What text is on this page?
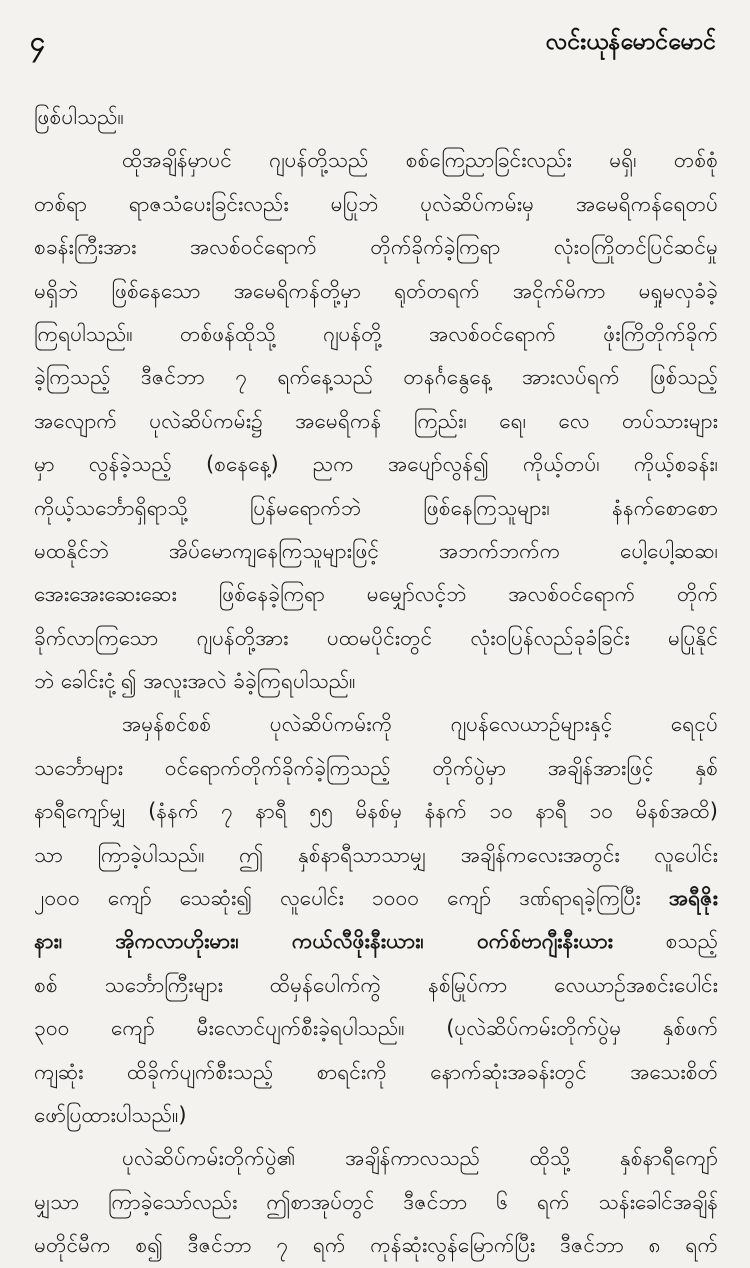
၄	လင်းယုန်မောင်မောင်
ဖြစ်ပါသည်။
ထိုအချိန်မှာပင် ဂျပန်တို့သည် စစ်ကြေညာခြင်းလည်း မရှိ၊ တစ်စုံ
တစ်ရာ ရာဇသံပေးခြင်းလည်း မပြုဘဲ ပုလဲဆိပ်ကမ်းမှ အမေရိကန်ရေတပ်
စခန်းကြီးအား အလစ်ဝင်ရောက် တိုက်ခိုက်ခဲ့ကြရာ လုံးဝကြိုတင်ပြင်ဆင်မှု
မရှိဘဲ ဖြစ်နေသော အမေရိကန်တို့မှာ ရုတ်တရက် အငိုက်မိကာ မရှုမလှခံခဲ့
ကြရပါသည်။ တစ်ဖန်ထိုသို့ ဂျပန်တို့ အလစ်ဝင်ရောက် ဖုံးကြိတိုက်ခိုက်
ခဲ့ကြသည့် ဒီဇင်ဘာ ၇ ရက်နေ့သည် တနင်္ဂနွေနေ့ အားလပ်ရက် ဖြစ်သည့်
အလျောက် ပုလဲဆိပ်ကမ်း၌ အမေရိကန် ကြည်း၊ ရေ၊ လေ တပ်သားများ
မှာ လွန်ခဲ့သည့် (စနေနေ့) ညက အပျော်လွန်၍ ကိုယ့်တပ်၊ ကိုယ့်စခန်း၊
ကိုယ့်သင်္ဘောရှိရာသို့ ပြန်မရောက်ဘဲ ဖြစ်နေကြသူများ၊ နံနက်စောစော
မထနိုင်ဘဲ အိပ်မောကျနေကြသူများဖြင့် အဘက်ဘက်က ပေါ့ပေါ့ဆဆ၊
အေးအေးဆေးဆေး ဖြစ်နေခဲ့ကြရာ မမျှော်လင့်ဘဲ အလစ်ဝင်ရောက် တိုက်
ခိုက်လာကြသော ဂျပန်တို့အား ပထမပိုင်းတွင် လုံးဝပြန်လည်ခုခံခြင်း မပြုနိုင်
ဘဲ ခေါင်းငုံ့၍ အလူးအလဲ ခံခဲ့ကြရပါသည်။
အမှန်စင်စစ် ပုလဲဆိပ်ကမ်းကို ဂျပန်လေယာဉ်များနှင့် ရေငုပ်
သင်္ဘောများ ဝင်ရောက်တိုက်ခိုက်ခဲ့ကြသည့် တိုက်ပွဲမှာ အချိန်အားဖြင့် နှစ်
နာရီကျော်မျှ (နံနက် ၇ နာရီ ၅၅ မိနစ်မှ နံနက် ၁၀ နာရီ ၁၀ မိနစ်အထိ)
သာ ကြာခဲ့ပါသည်။ ဤ နှစ်နာရီသာသာမျှ အချိန်ကလေးအတွင်း လူပေါင်း
၂၀၀၀ ကျော် သေဆုံး၍ လူပေါင်း ၁၀၀၀ ကျော် ဒဏ်ရာရခဲ့ကြပြီး အရီဇိုး
နား၊ အိုကလာဟိုးမား၊ ကယ်လီဖိုးနီးယား၊ ဝက်စ်ဗာဂျီးနီးယား	စသည့်
စစ် သင်္ဘောကြီးများ ထိမှန်ပေါက်ကွဲ နစ်မြုပ်ကာ လေယာဉ်အစင်းပေါင်း
၃၀၀ ကျော် မီးလောင်ပျက်စီးခဲ့ရပါသည်။ (ပုလဲဆိပ်ကမ်းတိုက်ပွဲမှ နှစ်ဖက်
ကျဆုံး ထိခိုက်ပျက်စီးသည့် စာရင်းကို နောက်ဆုံးအခန်းတွင် အသေးစိတ်
ဖော်ပြထားပါသည်။)
ပုလဲဆိပ်ကမ်းတိုက်ပွဲ၏ အချိန်ကာလသည် ထိုသို့ နှစ်နာရီကျော်
မျှသာ ကြာခဲ့သော်လည်း ဤစာအုပ်တွင် ဒီဇင်ဘာ ၆ ရက် သန်းခေါင်အချိန်
မတိုင်မီက စ၍ ဒီဇင်ဘာ ၇ ရက် ကုန်ဆုံးလွန်မြောက်ပြီး ဒီဇင်ဘာ ၈ ရက်
